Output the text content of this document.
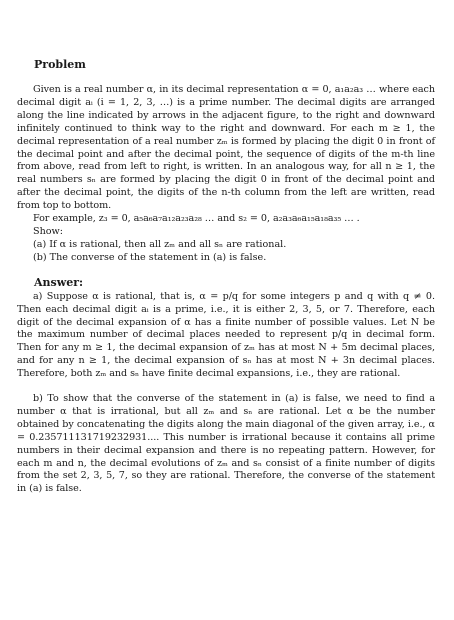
Problem

Given is a real number α, in its decimal representation α = 0, a₁a₂a₃ … where each decimal digit aᵢ (i = 1, 2, 3, …) is a prime number. The decimal digits are arranged along the line indicated by arrows in the adjacent figure, to the right and downward infinitely continued to think way to the right and downward. For each m ≥ 1, the decimal representation of a real number zₘ is formed by placing the digit 0 in front of the decimal point and after the decimal point, the sequence of digits of the m-th line from above, read from left to right, is written. In an analogous way, for all n ≥ 1, the real numbers sₙ are formed by placing the digit 0 in front of the decimal point and after the decimal point, the digits of the n-th column from the left are written, read from top to bottom.

For example, z₃ = 0, a₅a₆a₇a₁₂a₂₃a₂₈ … and s₂ = 0, a₂a₃a₆a₁₅a₁₈a₃₅ … .

Show:
(a) If α is rational, then all zₘ and all sₙ are rational.
(b) The converse of the statement in (a) is false.
Answer:

a) Suppose α is rational, that is, α = p/q for some integers p and q with q ≠ 0. Then each decimal digit aᵢ is a prime, i.e., it is either 2, 3, 5, or 7. Therefore, each digit of the decimal expansion of α has a finite number of possible values. Let N be the maximum number of decimal places needed to represent p/q in decimal form. Then for any m ≥ 1, the decimal expansion of zₘ has at most N + 5m decimal places, and for any n ≥ 1, the decimal expansion of sₙ has at most N + 3n decimal places. Therefore, both zₘ and sₙ have finite decimal expansions, i.e., they are rational.

b) To show that the converse of the statement in (a) is false, we need to find a number α that is irrational, but all zₘ and sₙ are rational. Let α be the number obtained by concatenating the digits along the main diagonal of the given array, i.e., α = 0.235711131719232931.... This number is irrational because it contains all prime numbers in their decimal expansion and there is no repeating pattern. However, for each m and n, the decimal evolutions of zₘ and sₙ consist of a finite number of digits from the set 2, 3, 5, 7, so they are rational. Therefore, the converse of the statement in (a) is false.
